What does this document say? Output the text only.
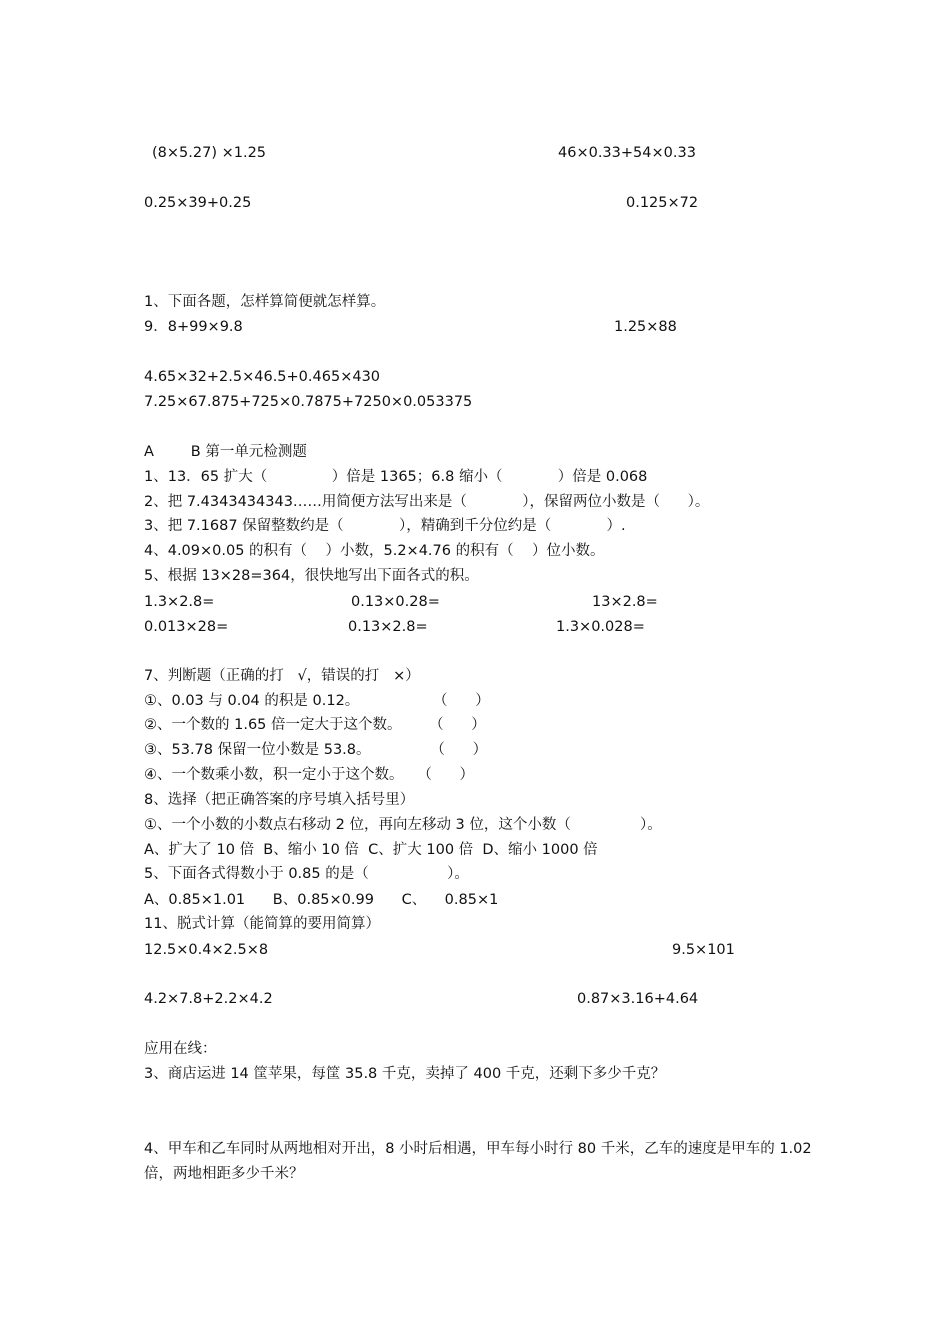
(8×5.27) ×1.25	46×0.33+54×0.33
0.25×39+0.25	0.125×72
1、下面各题，怎样算简便就怎样算。
9．8+99×9.8	1.25×88
4.65×32+2.5×46.5+0.465×430
7.25×67.875+725×0.7875+7250×0.053375
A        B 第一单元检测题
1、13．65 扩大（              ）倍是 1365；6.8 缩小（            ）倍是 0.068
2、把 7.4343434343……用简便方法写出来是（            ），保留两位小数是（      ）。
3、把 7.1687 保留整数约是（            ），精确到千分位约是（            ）.
4、4.09×0.05 的积有（    ）小数，5.2×4.76 的积有（    ）位小数。
5、根据 13×28=364，很快地写出下面各式的积。
1.3×2.8=	0.13×0.28=	13×2.8=
0.013×28=	0.13×2.8=	1.3×0.028=
7、判断题（正确的打   √，错误的打   ×）
①、0.03 与 0.04 的积是 0.12。                （      ）
②、一个数的 1.65 倍一定大于这个数。      （      ）
③、53.78 保留一位小数是 53.8。             （      ）
④、一个数乘小数，积一定小于这个数。   （      ）
8、选择（把正确答案的序号填入括号里）
①、一个小数的小数点右移动 2 位，再向左移动 3 位，这个小数（               ）。
A、扩大了 10 倍  B、缩小 10 倍  C、扩大 100 倍  D、缩小 1000 倍
5、下面各式得数小于 0.85 的是（                 ）。
A、0.85×1.01      B、0.85×0.99      C、    0.85×1
11、脱式计算（能简算的要用简算）
12.5×0.4×2.5×8	9.5×101
4.2×7.8+2.2×4.2	0.87×3.16+4.64
应用在线：
3、商店运进 14 筐苹果，每筐 35.8 千克，卖掉了 400 千克，还剩下多少千克？
4、甲车和乙车同时从两地相对开出，8 小时后相遇，甲车每小时行 80 千米，乙车的速度是甲车的 1.02 倍，两地相距多少千米？
